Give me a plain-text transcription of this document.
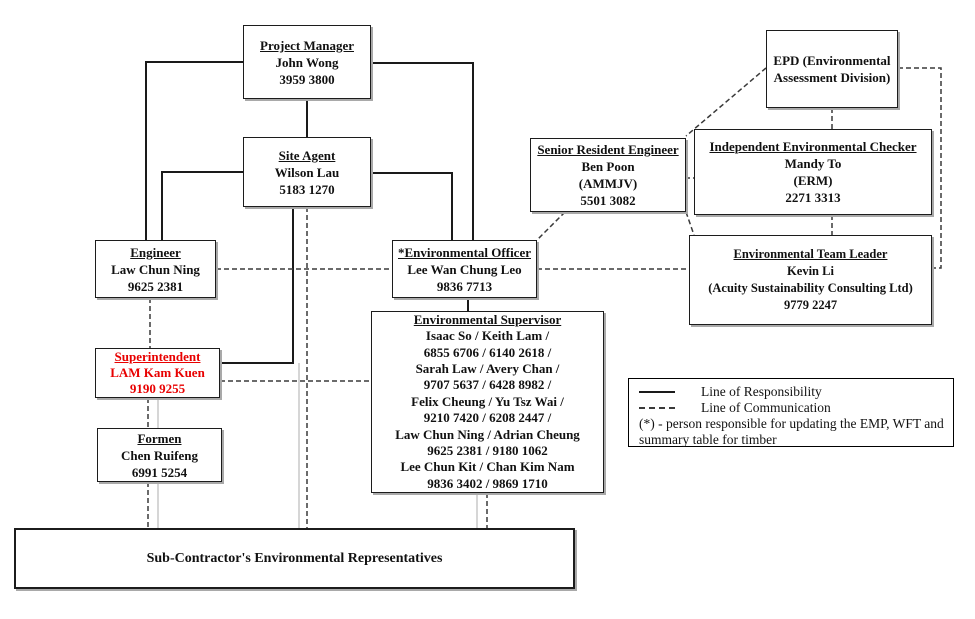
Project Manager
John Wong
3959 3800
Site Agent
Wilson Lau
5183 1270
Engineer
Law Chun Ning
9625 2381
*Environmental Officer
Lee Wan Chung Leo
9836 7713
Superintendent
LAM Kam Kuen
9190 9255
Formen
Chen Ruifeng
6991 5254
Environmental Supervisor
Isaac So / Keith Lam /
6855 6706 / 6140 2618 /
Sarah Law / Avery Chan /
9707 5637 / 6428 8982 /
Felix Cheung / Yu Tsz Wai /
9210 7420 / 6208 2447 /
Law Chun Ning / Adrian Cheung
9625 2381 / 9180 1062
Lee Chun Kit / Chan Kim Nam
9836 3402 / 9869 1710
Sub-Contractor's Environmental Representatives
EPD (Environmental
Assessment Division)
Senior Resident Engineer
Ben Poon
(AMMJV)
5501 3082
Independent Environmental Checker
Mandy To
(ERM)
2271 3313
Environmental Team Leader
Kevin Li
(Acuity Sustainability Consulting Ltd)
9779 2247
Line of Responsibility
Line of Communication
(*) - person responsible for updating the EMP, WFT and
summary table for timber
